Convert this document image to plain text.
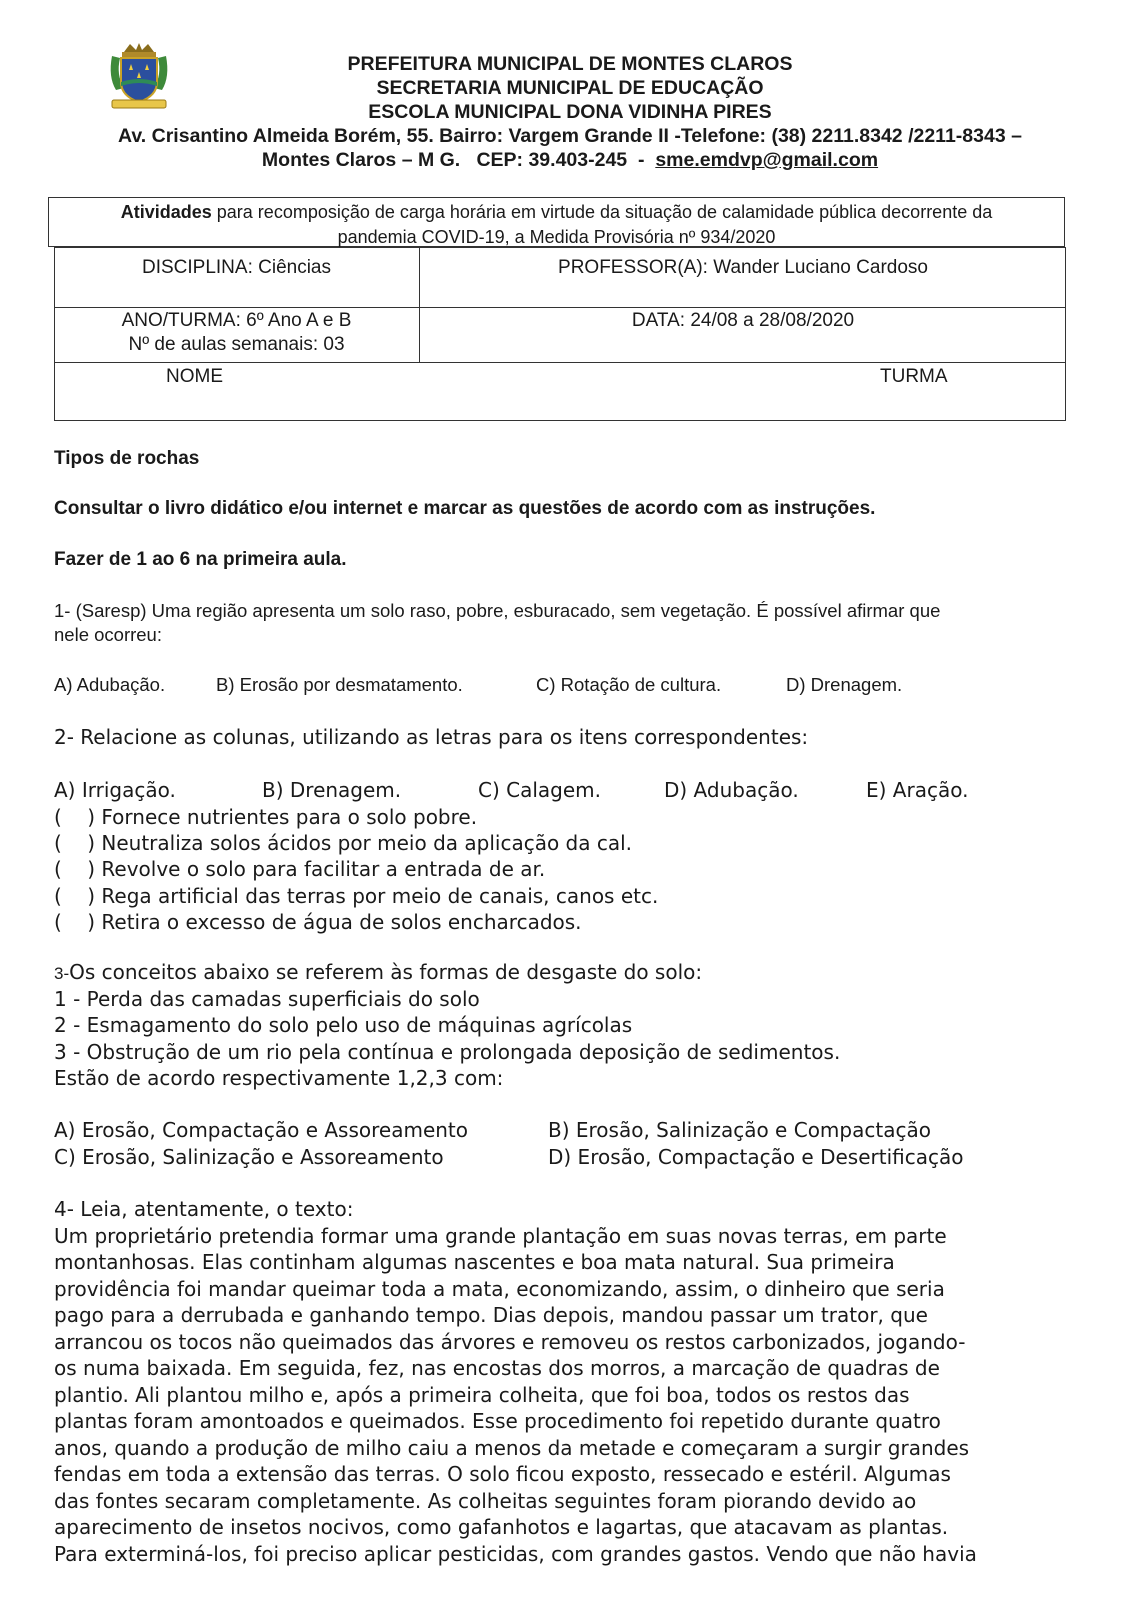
PREFEITURA MUNICIPAL DE MONTES CLAROS
SECRETARIA MUNICIPAL DE EDUCAÇÃO
ESCOLA MUNICIPAL DONA VIDINHA PIRES
Av. Crisantino Almeida Borém, 55. Bairro: Vargem Grande II -Telefone: (38) 2211.8342 /2211-8343 –
Montes Claros – M G.   CEP: 39.403-245  -  sme.emdvp@gmail.com
Atividades para recomposição de carga horária em virtude da situação de calamidade pública decorrente da
pandemia COVID-19, a Medida Provisória nº 934/2020
DISCIPLINA: Ciências	PROFESSOR(A): Wander Luciano Cardoso
ANO/TURMA: 6º Ano A e B
Nº de aulas semanais: 03
DATA: 24/08 a 28/08/2020
NOME	TURMA
Tipos de rochas
Consultar o livro didático e/ou internet e marcar as questões de acordo com as instruções.
Fazer de 1 ao 6 na primeira aula.
1- (Saresp) Uma região apresenta um solo raso, pobre, esburacado, sem vegetação. É possível afirmar que
nele ocorreu:
A) Adubação.	B) Erosão por desmatamento.	C) Rotação de cultura.	D) Drenagem.
2- Relacione as colunas, utilizando as letras para os itens correspondentes:
A) Irrigação.	B) Drenagem.	C) Calagem.	D) Adubação.	E) Aração.
(    ) Fornece nutrientes para o solo pobre.
(    ) Neutraliza solos ácidos por meio da aplicação da cal.
(    ) Revolve o solo para facilitar a entrada de ar.
(    ) Rega artificial das terras por meio de canais, canos etc.
(    ) Retira o excesso de água de solos encharcados.
3-Os conceitos abaixo se referem às formas de desgaste do solo:
1 - Perda das camadas superficiais do solo
2 - Esmagamento do solo pelo uso de máquinas agrícolas
3 - Obstrução de um rio pela contínua e prolongada deposição de sedimentos.
Estão de acordo respectivamente 1,2,3 com:
A) Erosão, Compactação e Assoreamento	B) Erosão, Salinização e Compactação
C) Erosão, Salinização e Assoreamento	D) Erosão, Compactação e Desertificação
4- Leia, atentamente, o texto:
Um proprietário pretendia formar uma grande plantação em suas novas terras, em parte
montanhosas. Elas continham algumas nascentes e boa mata natural. Sua primeira
providência foi mandar queimar toda a mata, economizando, assim, o dinheiro que seria
pago para a derrubada e ganhando tempo. Dias depois, mandou passar um trator, que
arrancou os tocos não queimados das árvores e removeu os restos carbonizados, jogando-
os numa baixada. Em seguida, fez, nas encostas dos morros, a marcação de quadras de
plantio. Ali plantou milho e, após a primeira colheita, que foi boa, todos os restos das
plantas foram amontoados e queimados. Esse procedimento foi repetido durante quatro
anos, quando a produção de milho caiu a menos da metade e começaram a surgir grandes
fendas em toda a extensão das terras. O solo ficou exposto, ressecado e estéril. Algumas
das fontes secaram completamente. As colheitas seguintes foram piorando devido ao
aparecimento de insetos nocivos, como gafanhotos e lagartas, que atacavam as plantas.
Para exterminá-los, foi preciso aplicar pesticidas, com grandes gastos. Vendo que não havia
